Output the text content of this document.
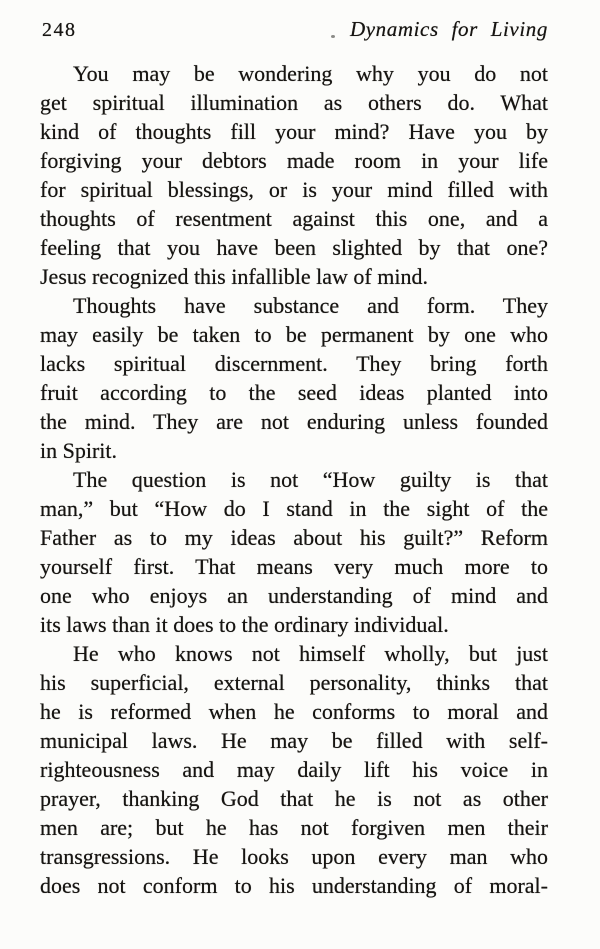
248	Dynamics for Living
You may be wondering why you do not
get spiritual illumination as others do. What
kind of thoughts fill your mind? Have you by
forgiving your debtors made room in your life
for spiritual blessings, or is your mind filled with
thoughts of resentment against this one, and a
feeling that you have been slighted by that one?
Jesus recognized this infallible law of mind.
Thoughts have substance and form. They
may easily be taken to be permanent by one who
lacks spiritual discernment. They bring forth
fruit according to the seed ideas planted into
the mind. They are not enduring unless founded
in Spirit.
The question is not “How guilty is that
man,” but “How do I stand in the sight of the
Father as to my ideas about his guilt?” Reform
yourself first. That means very much more to
one who enjoys an understanding of mind and
its laws than it does to the ordinary individual.
He who knows not himself wholly, but just
his superficial, external personality, thinks that
he is reformed when he conforms to moral and
municipal laws. He may be filled with self-
righteousness and may daily lift his voice in
prayer, thanking God that he is not as other
men are; but he has not forgiven men their
transgressions. He looks upon every man who
does not conform to his understanding of moral-
